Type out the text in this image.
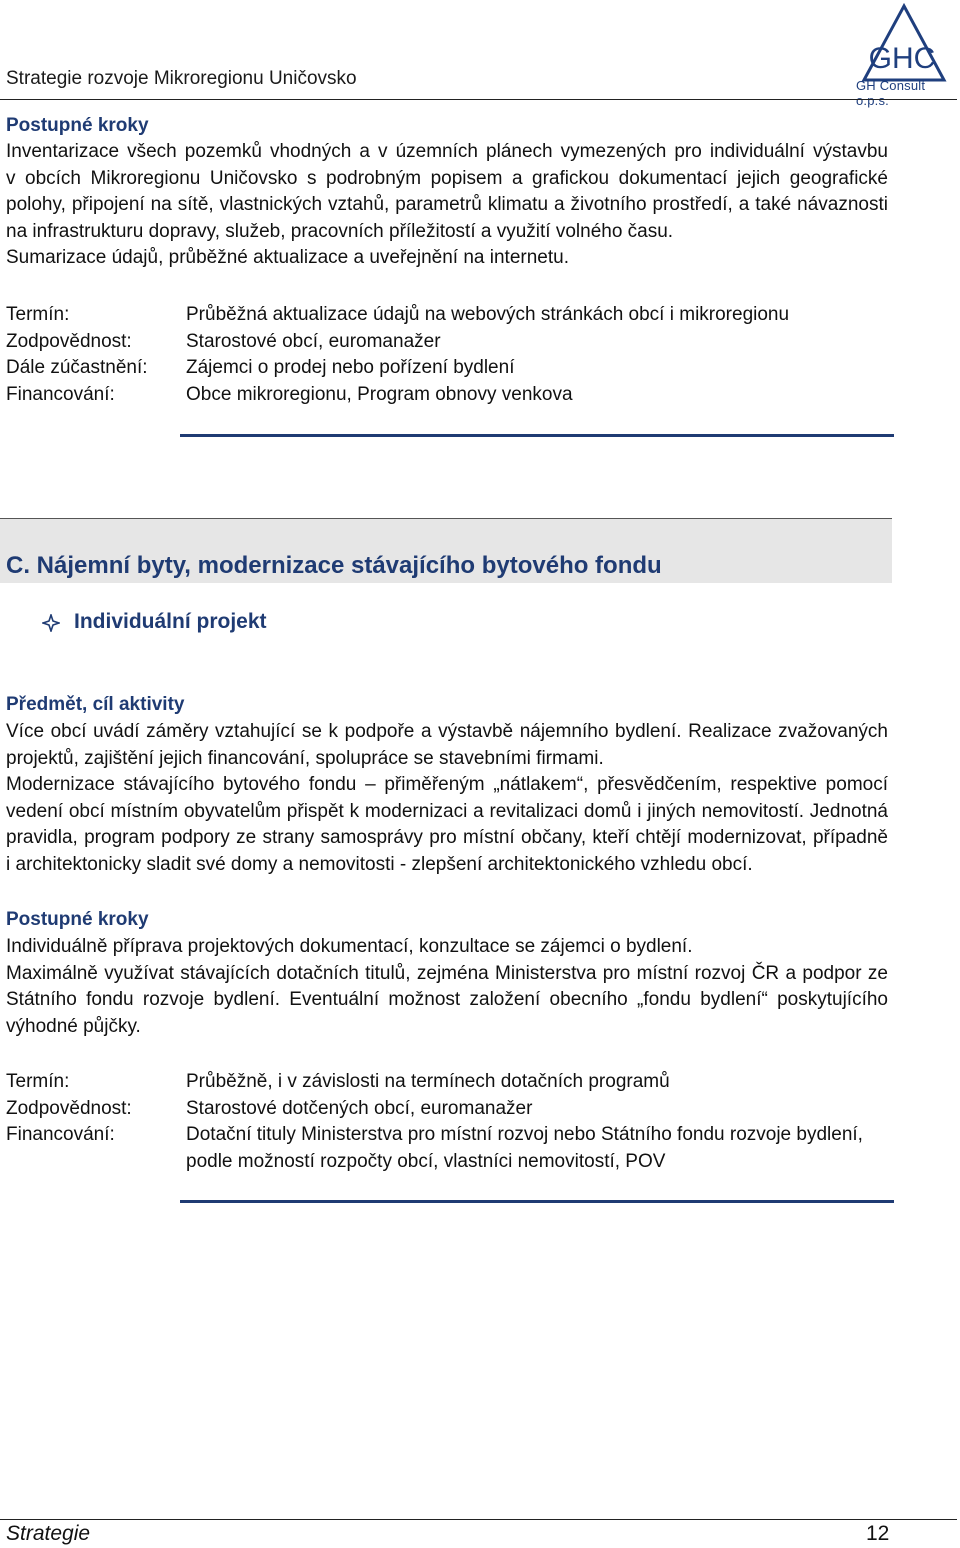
Strategie rozvoje Mikroregionu Uničovsko
GHC
GH Consult o.p.s.
Postupné kroky
Inventarizace všech pozemků vhodných a v územních plánech vymezených pro individuální výstavbu
v obcích Mikroregionu Uničovsko s podrobným popisem a grafickou dokumentací jejich geografické
polohy, připojení na sítě, vlastnických vztahů, parametrů klimatu a životního prostředí, a také návaznosti
na infrastrukturu dopravy, služeb, pracovních příležitostí a využití volného času.
Sumarizace údajů, průběžné aktualizace a uveřejnění na internetu.
Termín:	Průběžná aktualizace údajů na webových stránkách obcí i mikroregionu
Zodpovědnost:	Starostové obcí, euromanažer
Dále zúčastnění: Zájemci o prodej nebo pořízení bydlení
Financování:	Obce mikroregionu, Program obnovy venkova
C. Nájemní byty, modernizace stávajícího bytového fondu
Individuální projekt
Předmět, cíl aktivity
Více obcí uvádí záměry vztahující se k podpoře a výstavbě nájemního bydlení. Realizace zvažovaných
projektů, zajištění jejich financování, spolupráce se stavebními firmami.
Modernizace stávajícího bytového fondu – přiměřeným „nátlakem“, přesvědčením, respektive pomocí
vedení obcí místním obyvatelům přispět k modernizaci a revitalizaci domů i jiných nemovitostí. Jednotná
pravidla, program podpory ze strany samosprávy pro místní občany, kteří chtějí modernizovat, případně
i architektonicky sladit své domy a nemovitosti - zlepšení architektonického vzhledu obcí.
Postupné kroky
Individuálně příprava projektových dokumentací, konzultace se zájemci o bydlení.
Maximálně využívat stávajících dotačních titulů, zejména Ministerstva pro místní rozvoj ČR a podpor ze
Státního fondu rozvoje bydlení. Eventuální možnost založení obecního „fondu bydlení“ poskytujícího
výhodné půjčky.
Termín:	Průběžně, i v závislosti na termínech dotačních programů
Zodpovědnost:	Starostové dotčených obcí, euromanažer
Financování:	Dotační tituly Ministerstva pro místní rozvoj nebo Státního fondu rozvoje bydlení,
podle možností rozpočty obcí, vlastníci nemovitostí, POV
Strategie	12
